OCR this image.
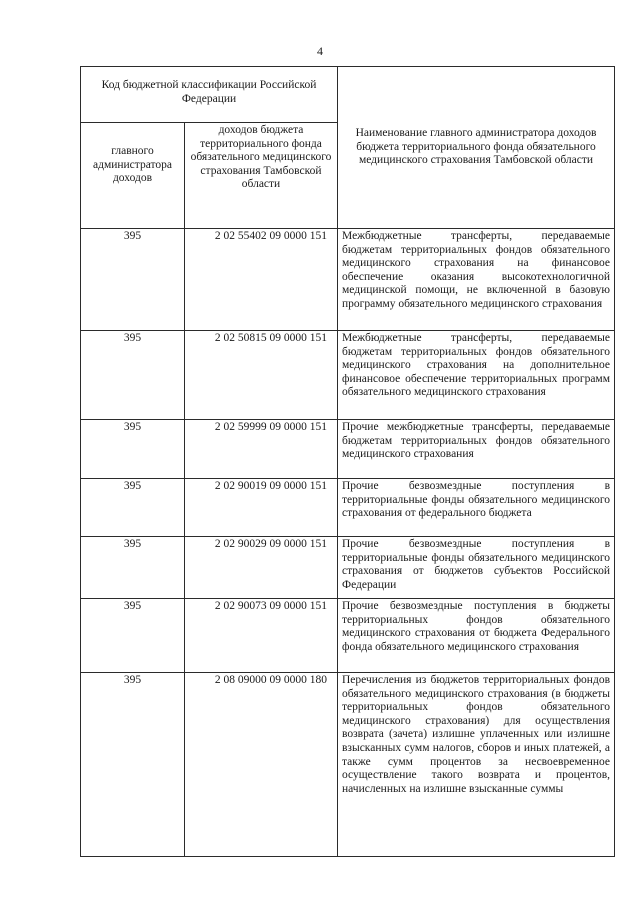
4
Код бюджетной классификации Российской Федерации		Наименование главного администратора доходов бюджета территориального фонда обязательного медицинского страхования Тамбовской области
главного администратора доходов	доходов бюджета территориального фонда обязательного медицинского страхования Тамбовской области	
395	2 02 55402 09 0000 151	Межбюджетные трансферты, передаваемые бюджетам территориальных фондов обязательного медицинского страхования на финансовое обеспечение оказания высокотехнологичной медицинской помощи, не включенной в базовую программу обязательного медицинского страхования
395	2 02 50815 09 0000 151	Межбюджетные трансферты, передаваемые бюджетам территориальных фондов обязательного медицинского страхования на дополнительное финансовое обеспечение территориальных программ обязательного медицинского страхования
395	2 02 59999 09 0000 151	Прочие межбюджетные трансферты, передаваемые бюджетам территориальных фондов обязательного медицинского страхования
395	2 02 90019 09 0000 151	Прочие безвозмездные поступления в территориальные фонды обязательного медицинского страхования от федерального бюджета
395	2 02 90029 09 0000 151	Прочие безвозмездные поступления в территориальные фонды обязательного медицинского страхования от бюджетов субъектов Российской Федерации
395	2 02 90073 09 0000 151	Прочие безвозмездные поступления в бюджеты территориальных фондов обязательного медицинского страхования от бюджета Федерального фонда обязательного медицинского страхования
395	2 08 09000 09 0000 180	Перечисления из бюджетов территориальных фондов обязательного медицинского страхования (в бюджеты территориальных фондов обязательного медицинского страхования) для осуществления возврата (зачета) излишне уплаченных или излишне взысканных сумм налогов, сборов и иных платежей, а также сумм процентов за несвоевременное осуществление такого возврата и процентов, начисленных на излишне взысканные суммы
